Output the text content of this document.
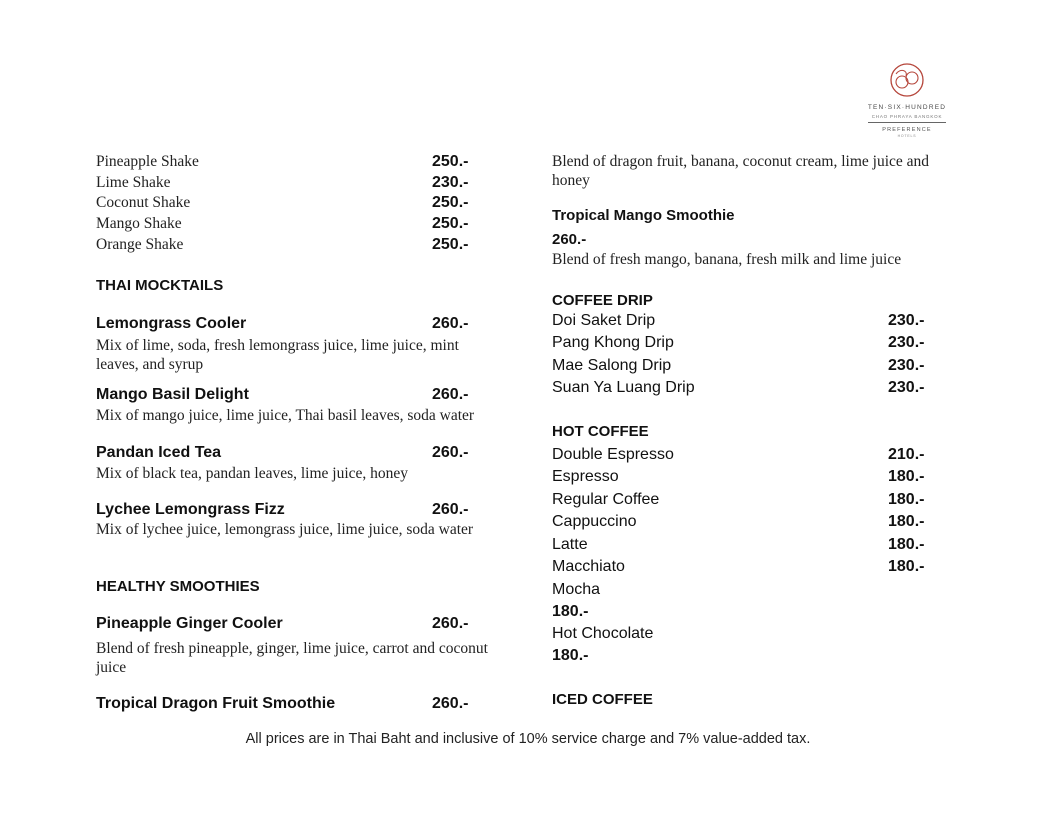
TEN·SIX·HUNDRED
CHAO PHRAYA BANGKOK
PREFERENCE
HOTELS
Pineapple Shake	250.-
Lime Shake	230.-
Coconut Shake	250.-
Mango Shake	250.-
Orange Shake	250.-
THAI MOCKTAILS
Lemongrass Cooler	260.-
Mix of lime, soda, fresh lemongrass juice, lime juice, mint leaves, and syrup
Mango Basil Delight	260.-
Mix of mango juice, lime juice, Thai basil leaves, soda water
Pandan Iced Tea	260.-
Mix of black tea, pandan leaves, lime juice, honey
Lychee Lemongrass Fizz	260.-
Mix of lychee juice, lemongrass juice, lime juice, soda water
HEALTHY SMOOTHIES
Pineapple Ginger Cooler	260.-
Blend of fresh pineapple, ginger, lime juice, carrot and coconut juice
Tropical Dragon Fruit Smoothie	260.-
Blend of dragon fruit, banana, coconut cream, lime juice and honey
Tropical Mango Smoothie
260.-
Blend of fresh mango, banana, fresh milk and lime juice
COFFEE DRIP
Doi Saket Drip	230.-
Pang Khong Drip	230.-
Mae Salong Drip	230.-
Suan Ya Luang Drip	230.-
HOT COFFEE
Double Espresso	210.-
Espresso	180.-
Regular Coffee	180.-
Cappuccino	180.-
Latte	180.-
Macchiato	180.-
Mocha
180.-
Hot Chocolate
180.-
ICED COFFEE
All prices are in Thai Baht and inclusive of 10% service charge and 7% value-added tax.
